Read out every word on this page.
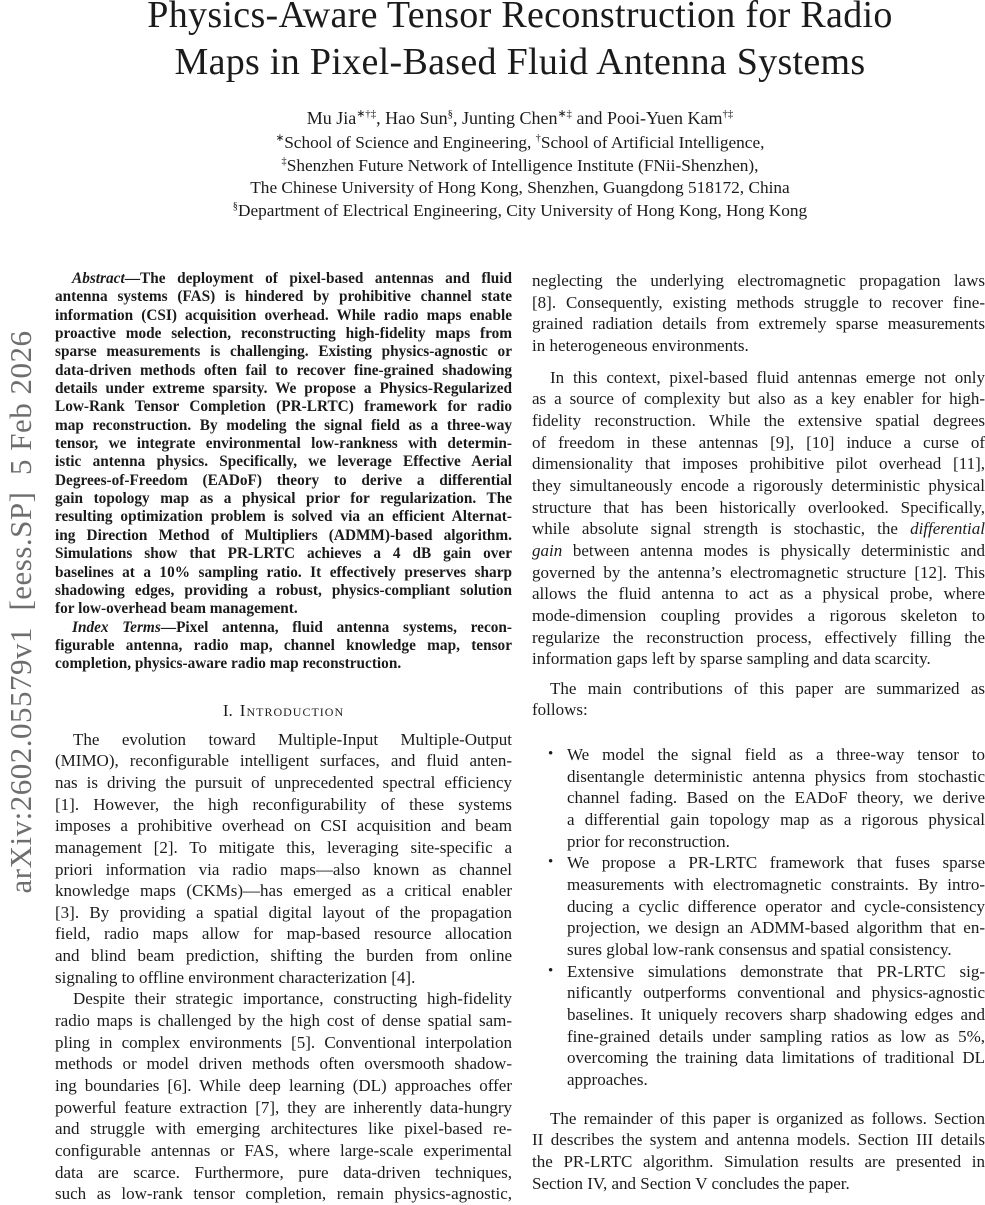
arXiv:2602.05579v1  [eess.SP]  5 Feb 2026
Physics-Aware Tensor Reconstruction for Radio
Maps in Pixel-Based Fluid Antenna Systems
Mu Jia∗†‡, Hao Sun§, Junting Chen∗‡ and Pooi-Yuen Kam†‡
∗School of Science and Engineering, †School of Artificial Intelligence,
‡Shenzhen Future Network of Intelligence Institute (FNii-Shenzhen),
The Chinese University of Hong Kong, Shenzhen, Guangdong 518172, China
§Department of Electrical Engineering, City University of Hong Kong, Hong Kong
Abstract—The deployment of pixel-based antennas and fluid
antenna systems (FAS) is hindered by prohibitive channel state
information (CSI) acquisition overhead. While radio maps enable
proactive mode selection, reconstructing high-fidelity maps from
sparse measurements is challenging. Existing physics-agnostic or
data-driven methods often fail to recover fine-grained shadowing
details under extreme sparsity. We propose a Physics-Regularized
Low-Rank Tensor Completion (PR-LRTC) framework for radio
map reconstruction. By modeling the signal field as a three-way
tensor, we integrate environmental low-rankness with determin-
istic antenna physics. Specifically, we leverage Effective Aerial
Degrees-of-Freedom (EADoF) theory to derive a differential
gain topology map as a physical prior for regularization. The
resulting optimization problem is solved via an efficient Alternat-
ing Direction Method of Multipliers (ADMM)-based algorithm.
Simulations show that PR-LRTC achieves a 4 dB gain over
baselines at a 10% sampling ratio. It effectively preserves sharp
shadowing edges, providing a robust, physics-compliant solution
for low-overhead beam management.
Index Terms—Pixel antenna, fluid antenna systems, recon-
figurable antenna, radio map, channel knowledge map, tensor
completion, physics-aware radio map reconstruction.
I. Introduction
The evolution toward Multiple-Input Multiple-Output
(MIMO), reconfigurable intelligent surfaces, and fluid anten-
nas is driving the pursuit of unprecedented spectral efficiency
[1]. However, the high reconfigurability of these systems
imposes a prohibitive overhead on CSI acquisition and beam
management [2]. To mitigate this, leveraging site-specific a
priori information via radio maps—also known as channel
knowledge maps (CKMs)—has emerged as a critical enabler
[3]. By providing a spatial digital layout of the propagation
field, radio maps allow for map-based resource allocation
and blind beam prediction, shifting the burden from online
signaling to offline environment characterization [4].
Despite their strategic importance, constructing high-fidelity
radio maps is challenged by the high cost of dense spatial sam-
pling in complex environments [5]. Conventional interpolation
methods or model driven methods often oversmooth shadow-
ing boundaries [6]. While deep learning (DL) approaches offer
powerful feature extraction [7], they are inherently data-hungry
and struggle with emerging architectures like pixel-based re-
configurable antennas or FAS, where large-scale experimental
data are scarce. Furthermore, pure data-driven techniques,
such as low-rank tensor completion, remain physics-agnostic,
neglecting the underlying electromagnetic propagation laws
[8]. Consequently, existing methods struggle to recover fine-
grained radiation details from extremely sparse measurements
in heterogeneous environments.
In this context, pixel-based fluid antennas emerge not only
as a source of complexity but also as a key enabler for high-
fidelity reconstruction. While the extensive spatial degrees
of freedom in these antennas [9], [10] induce a curse of
dimensionality that imposes prohibitive pilot overhead [11],
they simultaneously encode a rigorously deterministic physical
structure that has been historically overlooked. Specifically,
while absolute signal strength is stochastic, the differential
gain between antenna modes is physically deterministic and
governed by the antenna’s electromagnetic structure [12]. This
allows the fluid antenna to act as a physical probe, where
mode-dimension coupling provides a rigorous skeleton to
regularize the reconstruction process, effectively filling the
information gaps left by sparse sampling and data scarcity.
The main contributions of this paper are summarized as
follows:
• We model the signal field as a three-way tensor to
disentangle deterministic antenna physics from stochastic
channel fading. Based on the EADoF theory, we derive
a differential gain topology map as a rigorous physical
prior for reconstruction.
• We propose a PR-LRTC framework that fuses sparse
measurements with electromagnetic constraints. By intro-
ducing a cyclic difference operator and cycle-consistency
projection, we design an ADMM-based algorithm that en-
sures global low-rank consensus and spatial consistency.
• Extensive simulations demonstrate that PR-LRTC sig-
nificantly outperforms conventional and physics-agnostic
baselines. It uniquely recovers sharp shadowing edges and
fine-grained details under sampling ratios as low as 5%,
overcoming the training data limitations of traditional DL
approaches.
The remainder of this paper is organized as follows. Section
II describes the system and antenna models. Section III details
the PR-LRTC algorithm. Simulation results are presented in
Section IV, and Section V concludes the paper.
